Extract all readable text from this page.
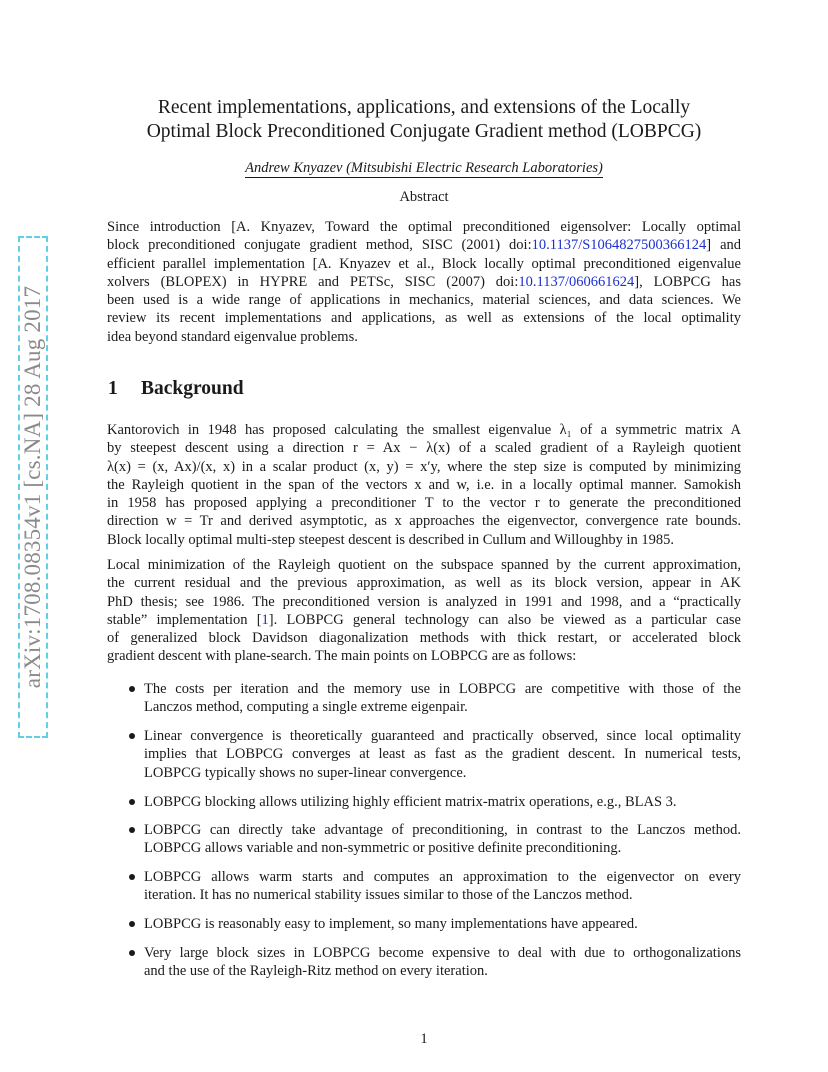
arXiv:1708.08354v1 [cs.NA] 28 Aug 2017
Recent implementations, applications, and extensions of the Locally
Optimal Block Preconditioned Conjugate Gradient method (LOBPCG)
Andrew Knyazev (Mitsubishi Electric Research Laboratories)
Abstract
Since introduction [A. Knyazev, Toward the optimal preconditioned eigensolver: Locally optimal
block preconditioned conjugate gradient method, SISC (2001) doi:10.1137/S1064827500366124] and
efficient parallel implementation [A. Knyazev et al., Block locally optimal preconditioned eigenvalue
xolvers (BLOPEX) in HYPRE and PETSc, SISC (2007) doi:10.1137/060661624], LOBPCG has
been used is a wide range of applications in mechanics, material sciences, and data sciences. We
review its recent implementations and applications, as well as extensions of the local optimality
idea beyond standard eigenvalue problems.
1 Background
Kantorovich in 1948 has proposed calculating the smallest eigenvalue λ₁ of a symmetric matrix A
by steepest descent using a direction r = Ax − λ(x) of a scaled gradient of a Rayleigh quotient
λ(x) = (x, Ax)/(x, x) in a scalar product (x, y) = x′y, where the step size is computed by minimizing
the Rayleigh quotient in the span of the vectors x and w, i.e. in a locally optimal manner. Samokish
in 1958 has proposed applying a preconditioner T to the vector r to generate the preconditioned
direction w = Tr and derived asymptotic, as x approaches the eigenvector, convergence rate bounds.
Block locally optimal multi-step steepest descent is described in Cullum and Willoughby in 1985.
Local minimization of the Rayleigh quotient on the subspace spanned by the current approximation,
the current residual and the previous approximation, as well as its block version, appear in AK
PhD thesis; see 1986. The preconditioned version is analyzed in 1991 and 1998, and a “practically
stable” implementation [1]. LOBPCG general technology can also be viewed as a particular case
of generalized block Davidson diagonalization methods with thick restart, or accelerated block
gradient descent with plane-search. The main points on LOBPCG are as follows:
The costs per iteration and the memory use in LOBPCG are competitive with those of the
Lanczos method, computing a single extreme eigenpair.
Linear convergence is theoretically guaranteed and practically observed, since local optimality
implies that LOBPCG converges at least as fast as the gradient descent. In numerical tests,
LOBPCG typically shows no super-linear convergence.
LOBPCG blocking allows utilizing highly efficient matrix-matrix operations, e.g., BLAS 3.
LOBPCG can directly take advantage of preconditioning, in contrast to the Lanczos method.
LOBPCG allows variable and non-symmetric or positive definite preconditioning.
LOBPCG allows warm starts and computes an approximation to the eigenvector on every
iteration. It has no numerical stability issues similar to those of the Lanczos method.
LOBPCG is reasonably easy to implement, so many implementations have appeared.
Very large block sizes in LOBPCG become expensive to deal with due to orthogonalizations
and the use of the Rayleigh-Ritz method on every iteration.
1
